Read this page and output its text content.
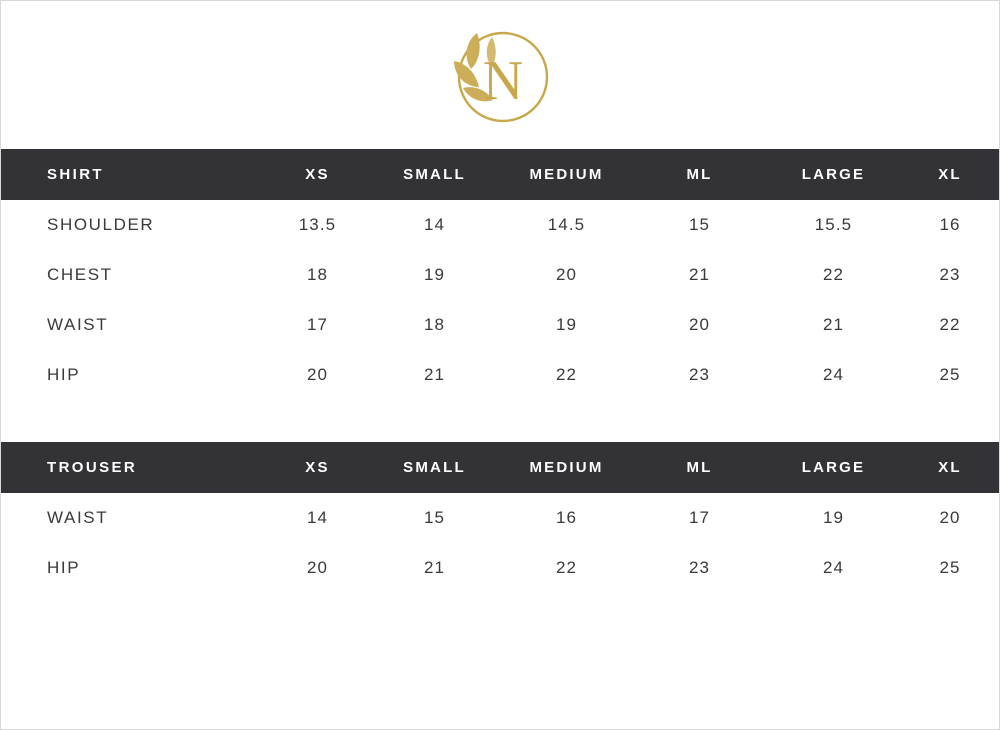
N
SHIRT	XS	SMALL	MEDIUM	ML	LARGE	XL
SHOULDER	13.5	14	14.5	15	15.5	16
CHEST	18	19	20	21	22	23
WAIST	17	18	19	20	21	22
HIP	20	21	22	23	24	25
TROUSER	XS	SMALL	MEDIUM	ML	LARGE	XL
WAIST	14	15	16	17	19	20
HIP	20	21	22	23	24	25
